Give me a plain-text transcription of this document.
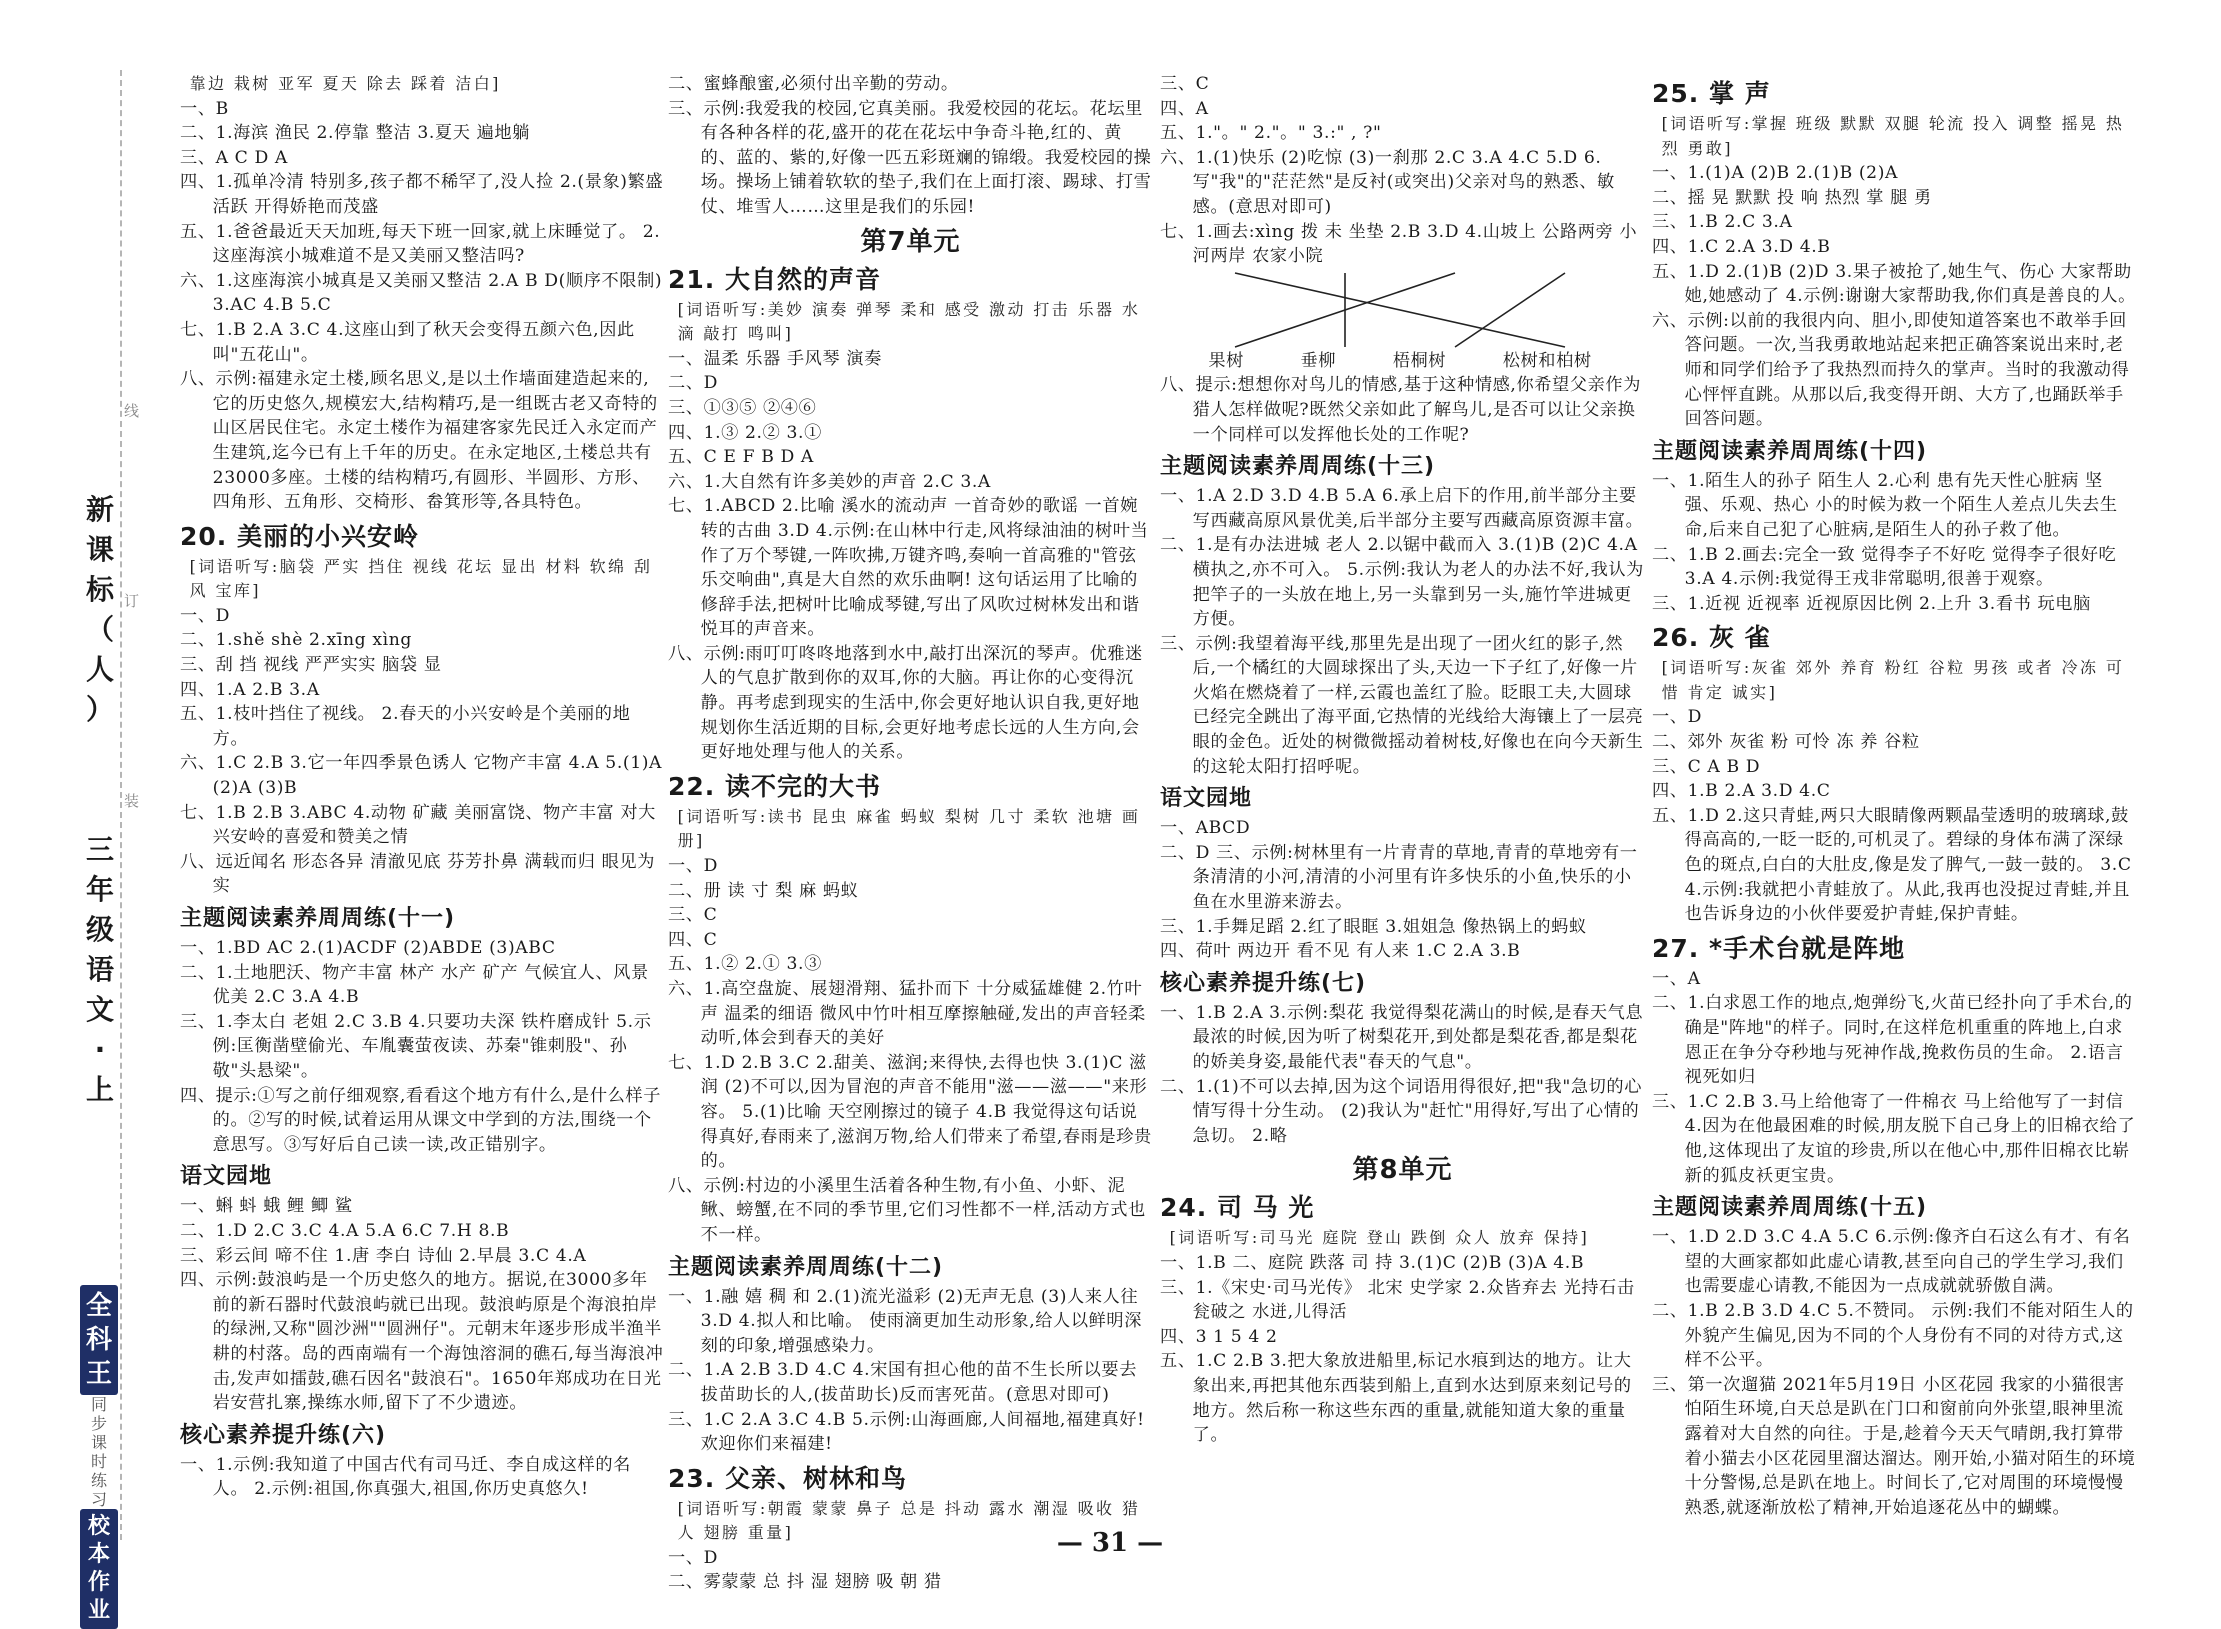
线
订
装
新
课
标
（
人
）
三
年
级
语
文
·
上
全
科
王
同
步
课
时
练
习
校
本
作
业

靠边 栽树 亚军 夏天 除去 踩着 洁白]

一、B

二、1.海滨 渔民 2.停靠 整洁 3.夏天 遍地躺

三、A C D A

四、1.孤单冷清 特别多,孩子都不稀罕了,没人捡 2.(景象)繁盛活跃 开得娇艳而茂盛

五、1.爸爸最近天天加班,每天下班一回家,就上床睡觉了。 2.这座海滨小城难道不是又美丽又整洁吗?

六、1.这座海滨小城真是又美丽又整洁 2.A B D(顺序不限制) 3.AC 4.B 5.C

七、1.B 2.A 3.C 4.这座山到了秋天会变得五颜六色,因此叫"五花山"。

八、示例:福建永定土楼,顾名思义,是以土作墙面建造起来的,它的历史悠久,规模宏大,结构精巧,是一组既古老又奇特的山区居民住宅。永定土楼作为福建客家先民迁入永定而产生建筑,迄今已有上千年的历史。在永定地区,土楼总共有23000多座。土楼的结构精巧,有圆形、半圆形、方形、四角形、五角形、交椅形、畚箕形等,各具特色。

20. 美丽的小兴安岭

[词语听写:脑袋 严实 挡住 视线 花坛 显出 材料 软绵 刮风 宝库]

一、D

二、1.shě shè 2.xīng xìng

三、刮 挡 视线 严严实实 脑袋 显

四、1.A 2.B 3.A

五、1.枝叶挡住了视线。 2.春天的小兴安岭是个美丽的地方。

六、1.C 2.B 3.它一年四季景色诱人 它物产丰富 4.A 5.(1)A (2)A (3)B

七、1.B 2.B 3.ABC 4.动物 矿藏 美丽富饶、物产丰富 对大兴安岭的喜爱和赞美之情

八、远近闻名 形态各异 清澈见底 芬芳扑鼻 满载而归 眼见为实

主题阅读素养周周练(十一)

一、1.BD AC 2.(1)ACDF (2)ABDE (3)ABC

二、1.土地肥沃、物产丰富 林产 水产 矿产 气候宜人、风景优美 2.C 3.A 4.B

三、1.李太白 老姐 2.C 3.B 4.只要功夫深 铁杵磨成针 5.示例:匡衡凿壁偷光、车胤囊萤夜读、苏秦"锥刺股"、孙敬"头悬梁"。

四、提示:①写之前仔细观察,看看这个地方有什么,是什么样子的。②写的时候,试着运用从课文中学到的方法,围绕一个意思写。③写好后自己读一读,改正错别字。

语文园地

一、蝌 蚪 蛾 鲤 鲫 鲨

二、1.D 2.C 3.C 4.A 5.A 6.C 7.H 8.B

三、彩云间 啼不住 1.唐 李白 诗仙 2.早晨 3.C 4.A

四、示例:鼓浪屿是一个历史悠久的地方。据说,在3000多年前的新石器时代鼓浪屿就已出现。鼓浪屿原是个海浪拍岸的绿洲,又称"圆沙洲""圆洲仔"。元朝末年逐步形成半渔半耕的村落。岛的西南端有一个海蚀溶洞的礁石,每当海浪冲击,发声如擂鼓,礁石因名"鼓浪石"。1650年郑成功在日光岩安营扎寨,操练水师,留下了不少遗迹。

核心素养提升练(六)

一、1.示例:我知道了中国古代有司马迁、李自成这样的名人。 2.示例:祖国,你真强大,祖国,你历史真悠久!

二、蜜蜂酿蜜,必须付出辛勤的劳动。

三、示例:我爱我的校园,它真美丽。我爱校园的花坛。花坛里有各种各样的花,盛开的花在花坛中争奇斗艳,红的、黄的、蓝的、紫的,好像一匹五彩斑斓的锦缎。我爱校园的操场。操场上铺着软软的垫子,我们在上面打滚、踢球、打雪仗、堆雪人……这里是我们的乐园!

第7单元
21. 大自然的声音

[词语听写:美妙 演奏 弹琴 柔和 感受 激动 打击 乐器 水滴 敲打 鸣叫]

一、温柔 乐器 手风琴 演奏

二、D

三、①③⑤ ②④⑥

四、1.③ 2.② 3.①

五、C E F B D A

六、1.大自然有许多美妙的声音 2.C 3.A

七、1.ABCD 2.比喻 溪水的流动声 一首奇妙的歌谣 一首婉转的古曲 3.D 4.示例:在山林中行走,风将绿油油的树叶当作了万个琴键,一阵吹拂,万键齐鸣,奏响一首高雅的"管弦乐交响曲",真是大自然的欢乐曲啊! 这句话运用了比喻的修辞手法,把树叶比喻成琴键,写出了风吹过树林发出和谐悦耳的声音来。

八、示例:雨叮叮咚咚地落到水中,敲打出深沉的琴声。优雅迷人的气息扩散到你的双耳,你的大脑。再让你的心变得沉静。再考虑到现实的生活中,你会更好地认识自我,更好地规划你生活近期的目标,会更好地考虑长远的人生方向,会更好地处理与他人的关系。

22. 读不完的大书

[词语听写:读书 昆虫 麻雀 蚂蚁 梨树 几寸 柔软 池塘 画册]

一、D

二、册 读 寸 梨 麻 蚂蚁

三、C

四、C

五、1.② 2.① 3.③

六、1.高空盘旋、展翅滑翔、猛扑而下 十分威猛雄健 2.竹叶声 温柔的细语 微风中竹叶相互摩擦触碰,发出的声音轻柔动听,体会到春天的美好

七、1.D 2.B 3.C 2.甜美、滋润;来得快,去得也快 3.(1)C 滋润 (2)不可以,因为冒泡的声音不能用"滋——滋——"来形容。 5.(1)比喻 天空刚擦过的镜子 4.B 我觉得这句话说得真好,春雨来了,滋润万物,给人们带来了希望,春雨是珍贵的。

八、示例:村边的小溪里生活着各种生物,有小鱼、小虾、泥鳅、螃蟹,在不同的季节里,它们习性都不一样,活动方式也不一样。

主题阅读素养周周练(十二)

一、1.融 嬉 稠 和 2.(1)流光溢彩 (2)无声无息 (3)人来人往 3.D 4.拟人和比喻。 使雨滴更加生动形象,给人以鲜明深刻的印象,增强感染力。

二、1.A 2.B 3.D 4.C 4.宋国有担心他的苗不生长所以要去拔苗助长的人,(拔苗助长)反而害死苗。(意思对即可)

三、1.C 2.A 3.C 4.B 5.示例:山海画廊,人间福地,福建真好!欢迎你们来福建!

23. 父亲、树林和鸟

[词语听写:朝霞 蒙蒙 鼻子 总是 抖动 露水 潮湿 吸收 猎人 翅膀 重量]

一、D

二、雾蒙蒙 总 抖 湿 翅膀 吸 朝 猎

三、C

四、A

五、1."。" 2."。" 3.:" , ?"

六、1.(1)快乐 (2)吃惊 (3)一刹那 2.C 3.A 4.C 5.D 6.写"我"的"茫茫然"是反衬(或突出)父亲对鸟的熟悉、敏感。(意思对即可)

七、1.画去:xìng 拨 未 坐垫 2.B 3.D 4.山坡上 公路两旁 小河两岸 农家小院

果树	垂柳	梧桐树	松树和柏树

八、提示:想想你对鸟儿的情感,基于这种情感,你希望父亲作为猎人怎样做呢?既然父亲如此了解鸟儿,是否可以让父亲换一个同样可以发挥他长处的工作呢?

主题阅读素养周周练(十三)

一、1.A 2.D 3.D 4.B 5.A 6.承上启下的作用,前半部分主要写西藏高原风景优美,后半部分主要写西藏高原资源丰富。

二、1.是有办法进城 老人 2.以锯中截而入 3.(1)B (2)C 4.A 横执之,亦不可入。 5.示例:我认为老人的办法不好,我认为把竿子的一头放在地上,另一头靠到另一头,施竹竿进城更方便。

三、示例:我望着海平线,那里先是出现了一团火红的影子,然后,一个橘红的大圆球探出了头,天边一下子红了,好像一片火焰在燃烧着了一样,云霞也盖红了脸。眨眼工夫,大圆球已经完全跳出了海平面,它热情的光线给大海镶上了一层亮眼的金色。近处的树微微摇动着树枝,好像也在向今天新生的这轮太阳打招呼呢。

语文园地

一、ABCD

二、D 三、示例:树林里有一片青青的草地,青青的草地旁有一条清清的小河,清清的小河里有许多快乐的小鱼,快乐的小鱼在水里游来游去。

三、1.手舞足蹈 2.红了眼眶 3.姐姐急 像热锅上的蚂蚁

四、荷叶 两边开 看不见 有人来 1.C 2.A 3.B

核心素养提升练(七)

一、1.B 2.A 3.示例:梨花 我觉得梨花满山的时候,是春天气息最浓的时候,因为听了树梨花开,到处都是梨花香,都是梨花的娇美身姿,最能代表"春天的气息"。

二、1.(1)不可以去掉,因为这个词语用得很好,把"我"急切的心情写得十分生动。 (2)我认为"赶忙"用得好,写出了心情的急切。 2.略

第8单元
24. 司 马 光

[词语听写:司马光 庭院 登山 跌倒 众人 放弃 保持]

一、1.B 二、庭院 跌落 司 持 3.(1)C (2)B (3)A 4.B

三、1.《宋史·司马光传》 北宋 史学家 2.众皆弃去 光持石击瓮破之 水迸,儿得活

四、3 1 5 4 2

五、1.C 2.B 3.把大象放进船里,标记水痕到达的地方。让大象出来,再把其他东西装到船上,直到水达到原来刻记号的地方。然后称一称这些东西的重量,就能知道大象的重量了。

25. 掌 声

[词语听写:掌握 班级 默默 双腿 轮流 投入 调整 摇晃 热烈 勇敢]

一、1.(1)A (2)B 2.(1)B (2)A

二、摇 晃 默默 投 响 热烈 掌 腿 勇

三、1.B 2.C 3.A

四、1.C 2.A 3.D 4.B

五、1.D 2.(1)B (2)D 3.果子被抢了,她生气、伤心 大家帮助她,她感动了 4.示例:谢谢大家帮助我,你们真是善良的人。

六、示例:以前的我很内向、胆小,即使知道答案也不敢举手回答问题。一次,当我勇敢地站起来把正确答案说出来时,老师和同学们给予了我热烈而持久的掌声。当时的我激动得心怦怦直跳。从那以后,我变得开朗、大方了,也踊跃举手回答问题。

主题阅读素养周周练(十四)

一、1.陌生人的孙子 陌生人 2.心利 患有先天性心脏病 坚强、乐观、热心 小的时候为救一个陌生人差点儿失去生命,后来自己犯了心脏病,是陌生人的孙子救了他。

二、1.B 2.画去:完全一致 觉得李子不好吃 觉得李子很好吃 3.A 4.示例:我觉得王戎非常聪明,很善于观察。

三、1.近视 近视率 近视原因比例 2.上升 3.看书 玩电脑

26. 灰 雀

[词语听写:灰雀 郊外 养育 粉红 谷粒 男孩 或者 冷冻 可惜 肯定 诚实]

一、D

二、郊外 灰雀 粉 可怜 冻 养 谷粒

三、C A B D

四、1.B 2.A 3.D 4.C

五、1.D 2.这只青蛙,两只大眼睛像两颗晶莹透明的玻璃球,鼓得高高的,一眨一眨的,可机灵了。碧绿的身体布满了深绿色的斑点,白白的大肚皮,像是发了脾气,一鼓一鼓的。 3.C 4.示例:我就把小青蛙放了。从此,我再也没捉过青蛙,并且也告诉身边的小伙伴要爱护青蛙,保护青蛙。

27. *手术台就是阵地

一、A

二、1.白求恩工作的地点,炮弹纷飞,火苗已经扑向了手术台,的确是"阵地"的样子。同时,在这样危机重重的阵地上,白求恩正在争分夺秒地与死神作战,挽救伤员的生命。 2.语言 视死如归

三、1.C 2.B 3.马上给他寄了一件棉衣 马上给他写了一封信 4.因为在他最困难的时候,朋友脱下自己身上的旧棉衣给了他,这体现出了友谊的珍贵,所以在他心中,那件旧棉衣比崭新的狐皮袄更宝贵。

主题阅读素养周周练(十五)

一、1.D 2.D 3.C 4.A 5.C 6.示例:像齐白石这么有才、有名望的大画家都如此虚心请教,甚至向自己的学生学习,我们也需要虚心请教,不能因为一点成就就骄傲自满。

二、1.B 2.B 3.D 4.C 5.不赞同。 示例:我们不能对陌生人的外貌产生偏见,因为不同的个人身份有不同的对待方式,这样不公平。

三、第一次遛猫 2021年5月19日 小区花园 我家的小猫很害怕陌生环境,白天总是趴在门口和窗前向外张望,眼神里流露着对大自然的向往。于是,趁着今天天气晴朗,我打算带着小猫去小区花园里溜达溜达。刚开始,小猫对陌生的环境十分警惕,总是趴在地上。时间长了,它对周围的环境慢慢熟悉,就逐渐放松了精神,开始追逐花丛中的蝴蝶。

— 31 —
